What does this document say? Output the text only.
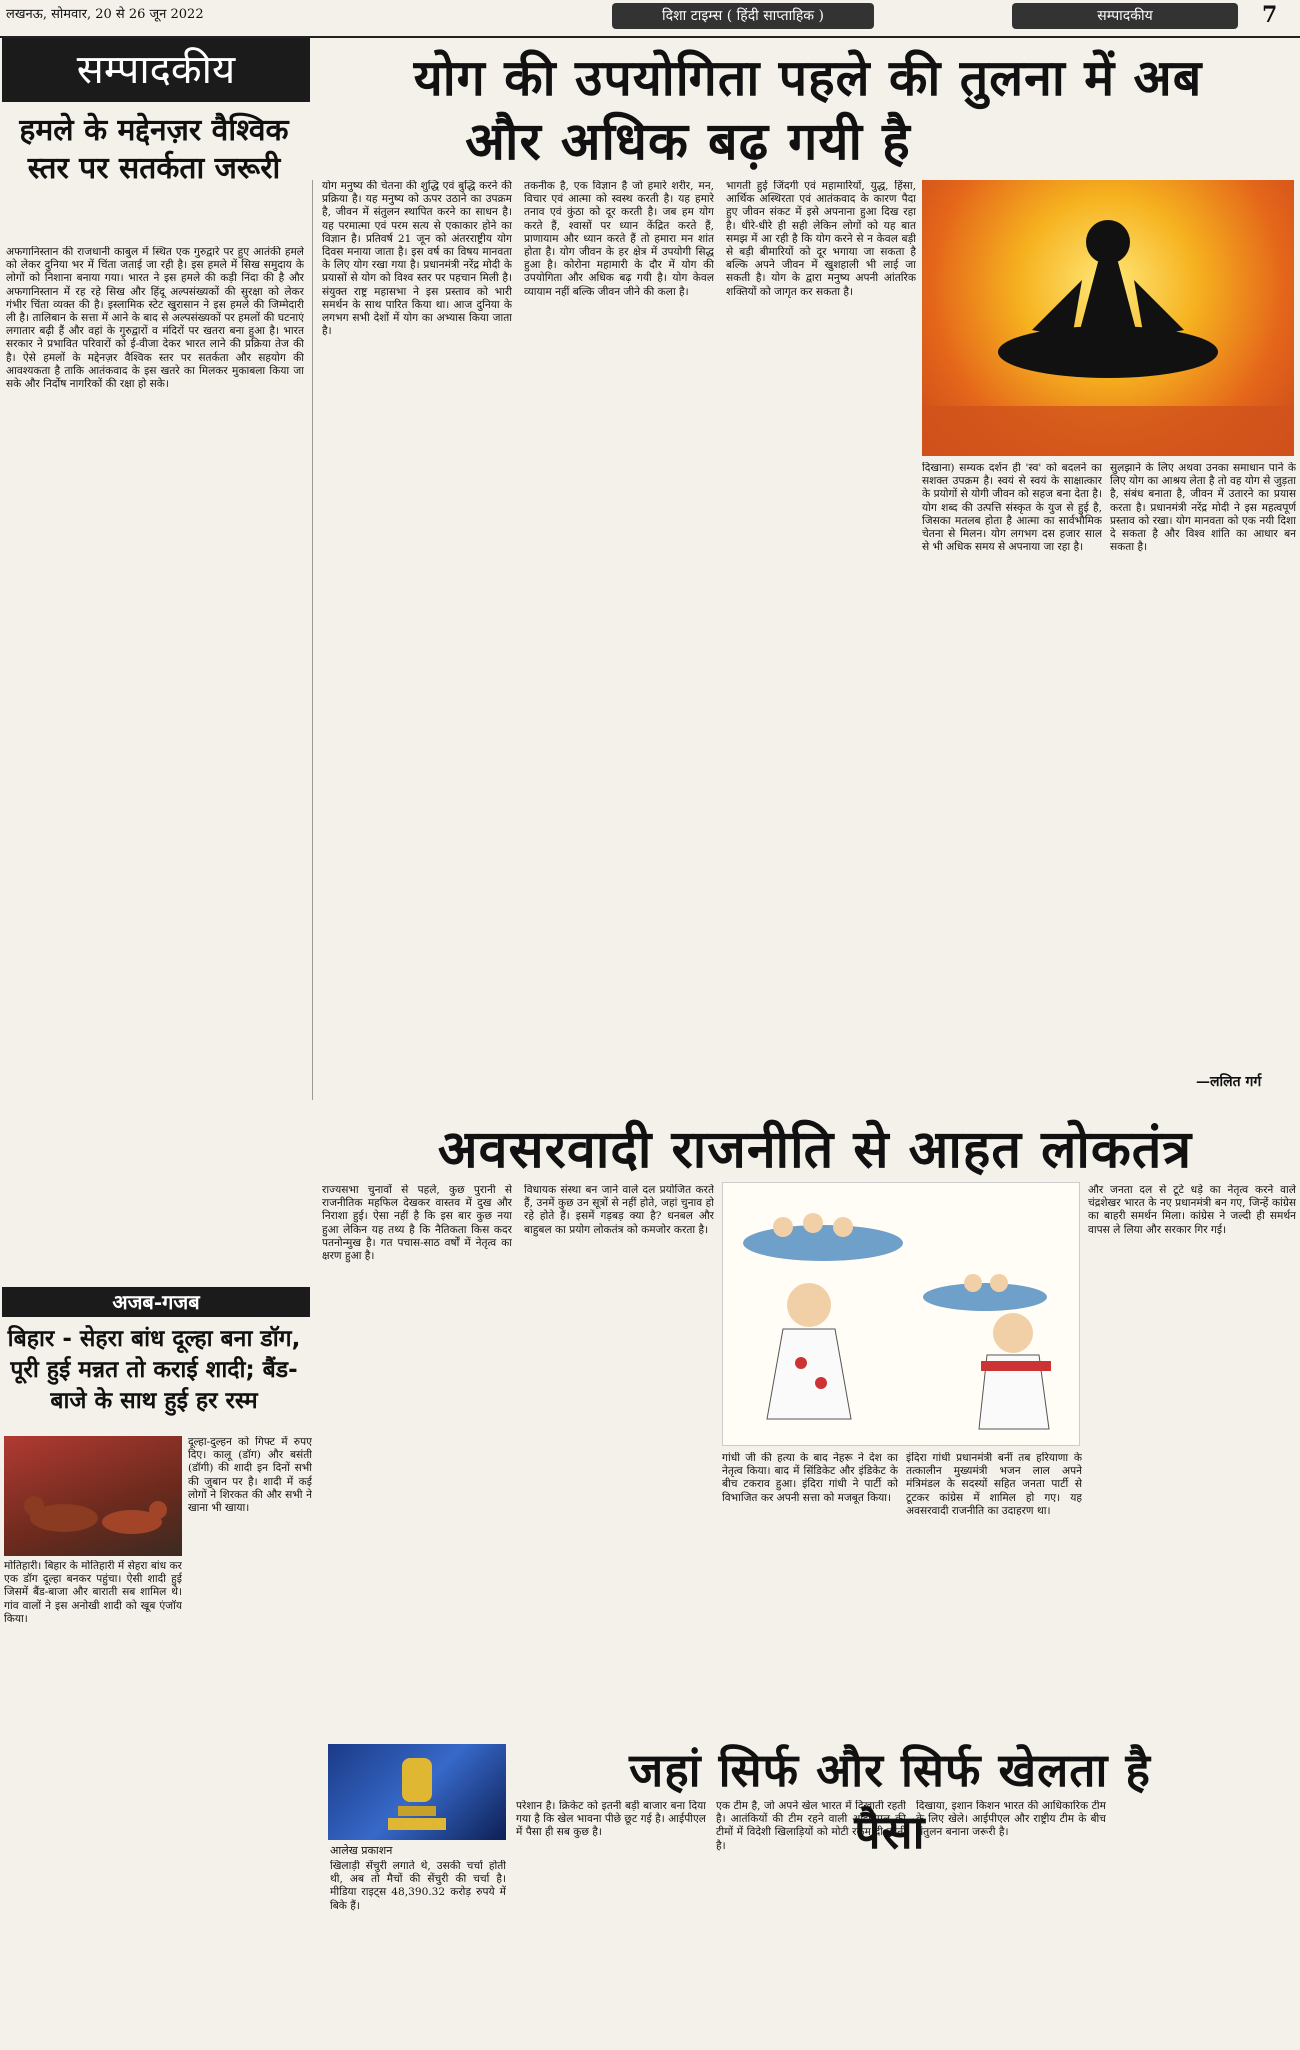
लखनऊ, सोमवार, 20 से 26 जून 2022	दिशा टाइम्स ( हिंदी साप्ताहिक )	सम्पादकीय	7
सम्पादकीय	योग की उपयोगिता पहले की तुलना में अब
और अधिक बढ़ गयी है
हमले के मद्देनज़र वैश्विक स्तर पर सतर्कता जरूरी
अफगानिस्तान की राजधानी काबुल में स्थित एक गुरुद्वारे पर हुए आतंकी हमले को लेकर दुनिया भर में चिंता जताई जा रही है। इस हमले में सिख समुदाय के लोगों को निशाना बनाया गया। भारत ने इस हमले की कड़ी निंदा की है और अफगानिस्तान में रह रहे सिख और हिंदू अल्पसंख्यकों की सुरक्षा को लेकर गंभीर चिंता व्यक्त की है। इस्लामिक स्टेट खुरासान ने इस हमले की जिम्मेदारी ली है। तालिबान के सत्ता में आने के बाद से अल्पसंख्यकों पर हमलों की घटनाएं लगातार बढ़ी हैं और वहां के गुरुद्वारों व मंदिरों पर खतरा बना हुआ है। भारत सरकार ने प्रभावित परिवारों को ई-वीजा देकर भारत लाने की प्रक्रिया तेज की है। ऐसे हमलों के मद्देनज़र वैश्विक स्तर पर सतर्कता और सहयोग की आवश्यकता है ताकि आतंकवाद के इस खतरे का मिलकर मुकाबला किया जा सके और निर्दोष नागरिकों की रक्षा हो सके।
योग मनुष्य की चेतना की शुद्धि एवं बुद्धि करने की प्रक्रिया है। यह मनुष्य को ऊपर उठाने का उपक्रम है, जीवन में संतुलन स्थापित करने का साधन है। यह परमात्मा एवं परम सत्य से एकाकार होने का विज्ञान है। प्रतिवर्ष 21 जून को अंतरराष्ट्रीय योग दिवस मनाया जाता है। इस वर्ष का विषय मानवता के लिए योग रखा गया है। प्रधानमंत्री नरेंद्र मोदी के प्रयासों से योग को विश्व स्तर पर पहचान मिली है। संयुक्त राष्ट्र महासभा ने इस प्रस्ताव को भारी समर्थन के साथ पारित किया था। आज दुनिया के लगभग सभी देशों में योग का अभ्यास किया जाता है।
तकनीक है, एक विज्ञान है जो हमारे शरीर, मन, विचार एवं आत्मा को स्वस्थ करती है। यह हमारे तनाव एवं कुंठा को दूर करती है। जब हम योग करते हैं, श्वासों पर ध्यान केंद्रित करते हैं, प्राणायाम और ध्यान करते हैं तो हमारा मन शांत होता है। योग जीवन के हर क्षेत्र में उपयोगी सिद्ध हुआ है। कोरोना महामारी के दौर में योग की उपयोगिता और अधिक बढ़ गयी है। योग केवल व्यायाम नहीं बल्कि जीवन जीने की कला है।
भागती हुई जिंदगी एवं महामारियों, युद्ध, हिंसा, आर्थिक अस्थिरता एवं आतंकवाद के कारण पैदा हुए जीवन संकट में इसे अपनाना हुआ दिख रहा है। धीरे-धीरे ही सही लेकिन लोगों को यह बात समझ में आ रही है कि योग करने से न केवल बड़ी से बड़ी बीमारियों को दूर भगाया जा सकता है बल्कि अपने जीवन में खुशहाली भी लाई जा सकती है। योग के द्वारा मनुष्य अपनी आंतरिक शक्तियों को जागृत कर सकता है।
दिखाना) सम्यक दर्शन ही 'स्व' को बदलने का सशक्त उपक्रम है। स्वयं से स्वयं के साक्षात्कार के प्रयोगों से योगी जीवन को सहज बना देता है। योग शब्द की उत्पत्ति संस्कृत के युज से हुई है, जिसका मतलब होता है आत्मा का सार्वभौमिक चेतना से मिलन। योग लगभग दस हजार साल से भी अधिक समय से अपनाया जा रहा है।
सुलझाने के लिए अथवा उनका समाधान पाने के लिए योग का आश्रय लेता है तो वह योग से जुड़ता है, संबंध बनाता है, जीवन में उतारने का प्रयास करता है। प्रधानमंत्री नरेंद्र मोदी ने इस महत्वपूर्ण प्रस्ताव को रखा। योग मानवता को एक नयी दिशा दे सकता है और विश्व शांति का आधार बन सकता है।
—ललित गर्ग
अवसरवादी राजनीति से आहत लोकतंत्र
राज्यसभा चुनावों से पहले, कुछ पुरानी से राजनीतिक महफिल देखकर वास्तव में दुख और निराशा हुई। ऐसा नहीं है कि इस बार कुछ नया हुआ लेकिन यह तथ्य है कि नैतिकता किस कदर पतनोन्मुख है। गत पचास-साठ वर्षों में नेतृत्व का क्षरण हुआ है।
विधायक संस्था बन जाने वाले दल प्रयोजित करते हैं, उनमें कुछ उन सूत्रों से नहीं होते, जहां चुनाव हो रहे होते हैं। इसमें गड़बड़ क्या है? धनबल और बाहुबल का प्रयोग लोकतंत्र को कमजोर करता है।
और जनता दल से टूटे धड़े का नेतृत्व करने वाले चंद्रशेखर भारत के नए प्रधानमंत्री बन गए, जिन्हें कांग्रेस का बाहरी समर्थन मिला। कांग्रेस ने जल्दी ही समर्थन वापस ले लिया और सरकार गिर गई।
गांधी जी की हत्या के बाद नेहरू ने देश का नेतृत्व किया। बाद में सिंडिकेट और इंडिकेट के बीच टकराव हुआ। इंदिरा गांधी ने पार्टी को विभाजित कर अपनी सत्ता को मजबूत किया।
इंदिरा गांधी प्रधानमंत्री बनीं तब हरियाणा के तत्कालीन मुख्यमंत्री भजन लाल अपने मंत्रिमंडल के सदस्यों सहित जनता पार्टी से टूटकर कांग्रेस में शामिल हो गए। यह अवसरवादी राजनीति का उदाहरण था।
अजब-गजब
बिहार - सेहरा बांध दूल्हा बना डॉग, पूरी हुई मन्नत तो कराई शादी; बैंड-बाजे के साथ हुई हर रस्म
मोतिहारी। बिहार के मोतिहारी में सेहरा बांध कर एक डॉग दूल्हा बनकर पहुंचा। ऐसी शादी हुई जिसमें बैंड-बाजा और बाराती सब शामिल थे। गांव वालों ने इस अनोखी शादी को खूब एंजॉय किया।
दूल्हा-दुल्हन को गिफ्ट में रुपए दिए। कालू (डॉग) और बसंती (डॉगी) की शादी इन दिनों सभी की जुबान पर है। शादी में कई लोगों ने शिरकत की और सभी ने खाना भी खाया।
जहां सिर्फ और सिर्फ खेलता है पैसा
आलेख प्रकाशन
खिलाड़ी सेंचुरी लगाते थे, उसकी चर्चा होती थी, अब तो मैचों की सेंचुरी की चर्चा है। मीडिया राइट्स 48,390.32 करोड़ रुपये में बिके हैं।
परेशान है। क्रिकेट को इतनी बड़ी बाजार बना दिया गया है कि खेल भावना पीछे छूट गई है। आईपीएल में पैसा ही सब कुछ है।
एक टीम है, जो अपने खेल भारत में दिखाती रहती है। आतंकियों की टीम रहने वाली आईपीएल की टीमों में विदेशी खिलाड़ियों को मोटी रकम दी जाती है।
दिखाया, इशान किशन भारत की आधिकारिक टीम के लिए खेले। आईपीएल और राष्ट्रीय टीम के बीच संतुलन बनाना जरूरी है।
